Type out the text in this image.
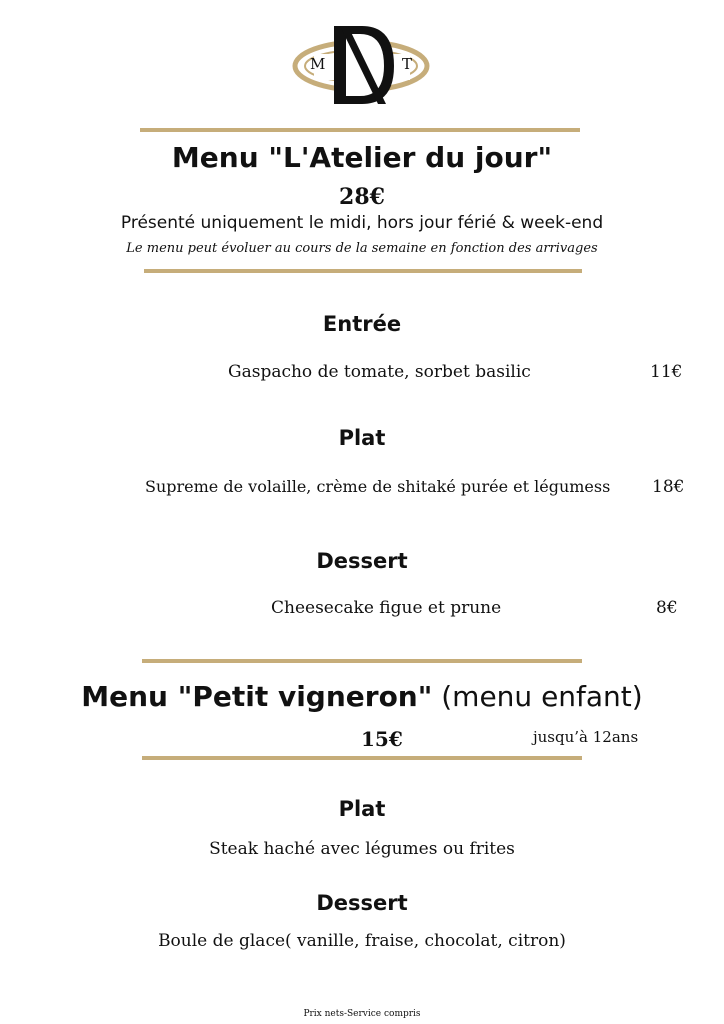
M	T
Menu "L'Atelier du jour"
28€
Présenté uniquement le midi, hors jour férié & week-end
Le menu peut évoluer au cours de la semaine en fonction des arrivages
Entrée
Gaspacho de tomate, sorbet basilic	11€
Plat
Supreme de volaille, crème de shitaké purée et légumess 18€
Dessert
Cheesecake figue et prune	8€
Menu "Petit vigneron" (menu enfant)
15€	jusqu’à 12ans
Plat
Steak haché avec légumes ou frites
Dessert
Boule de glace( vanille, fraise, chocolat, citron)
Prix nets-Service compris
